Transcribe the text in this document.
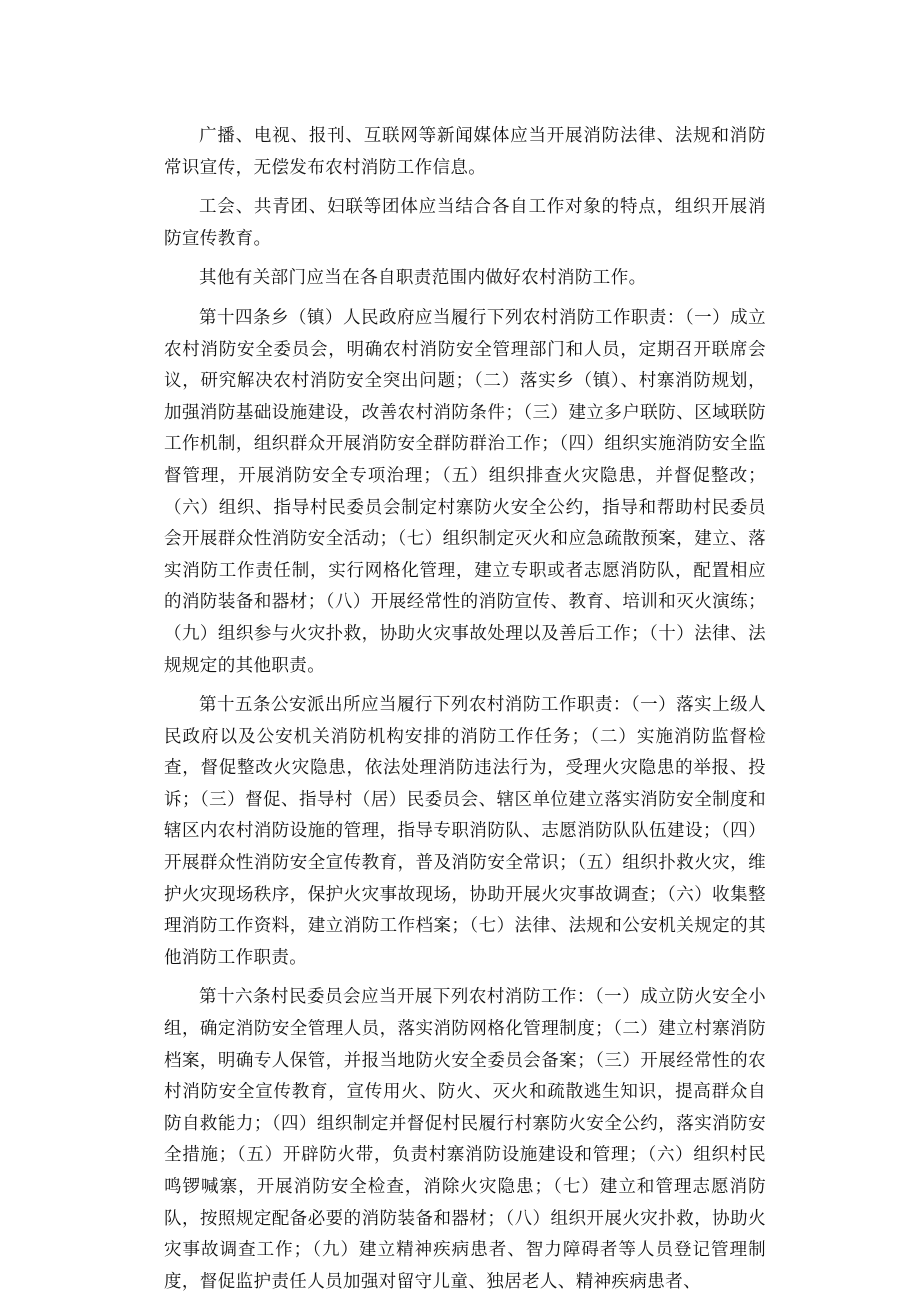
广播、电视、报刊、互联网等新闻媒体应当开展消防法律、法规和消防常识宣传，无偿发布农村消防工作信息。

工会、共青团、妇联等团体应当结合各自工作对象的特点，组织开展消防宣传教育。

其他有关部门应当在各自职责范围内做好农村消防工作。

第十四条乡（镇）人民政府应当履行下列农村消防工作职责：（一）成立农村消防安全委员会，明确农村消防安全管理部门和人员，定期召开联席会议，研究解决农村消防安全突出问题；（二）落实乡（镇）、村寨消防规划，加强消防基础设施建设，改善农村消防条件；（三）建立多户联防、区域联防工作机制，组织群众开展消防安全群防群治工作；（四）组织实施消防安全监督管理，开展消防安全专项治理；（五）组织排查火灾隐患，并督促整改；（六）组织、指导村民委员会制定村寨防火安全公约，指导和帮助村民委员会开展群众性消防安全活动；（七）组织制定灭火和应急疏散预案，建立、落实消防工作责任制，实行网格化管理，建立专职或者志愿消防队，配置相应的消防装备和器材；（八）开展经常性的消防宣传、教育、培训和灭火演练；（九）组织参与火灾扑救，协助火灾事故处理以及善后工作；（十）法律、法规规定的其他职责。

第十五条公安派出所应当履行下列农村消防工作职责：（一）落实上级人民政府以及公安机关消防机构安排的消防工作任务；（二）实施消防监督检查，督促整改火灾隐患，依法处理消防违法行为，受理火灾隐患的举报、投诉；（三）督促、指导村（居）民委员会、辖区单位建立落实消防安全制度和辖区内农村消防设施的管理，指导专职消防队、志愿消防队队伍建设；（四）开展群众性消防安全宣传教育，普及消防安全常识；（五）组织扑救火灾，维护火灾现场秩序，保护火灾事故现场，协助开展火灾事故调查；（六）收集整理消防工作资料，建立消防工作档案；（七）法律、法规和公安机关规定的其他消防工作职责。

第十六条村民委员会应当开展下列农村消防工作：（一）成立防火安全小组，确定消防安全管理人员，落实消防网格化管理制度；（二）建立村寨消防档案，明确专人保管，并报当地防火安全委员会备案；（三）开展经常性的农村消防安全宣传教育，宣传用火、防火、灭火和疏散逃生知识，提高群众自防自救能力；（四）组织制定并督促村民履行村寨防火安全公约，落实消防安全措施；（五）开辟防火带，负责村寨消防设施建设和管理；（六）组织村民鸣锣喊寨，开展消防安全检查，消除火灾隐患；（七）建立和管理志愿消防队，按照规定配备必要的消防装备和器材；（八）组织开展火灾扑救，协助火灾事故调查工作；（九）建立精神疾病患者、智力障碍者等人员登记管理制度，督促监护责任人员加强对留守儿童、独居老人、精神疾病患者、
